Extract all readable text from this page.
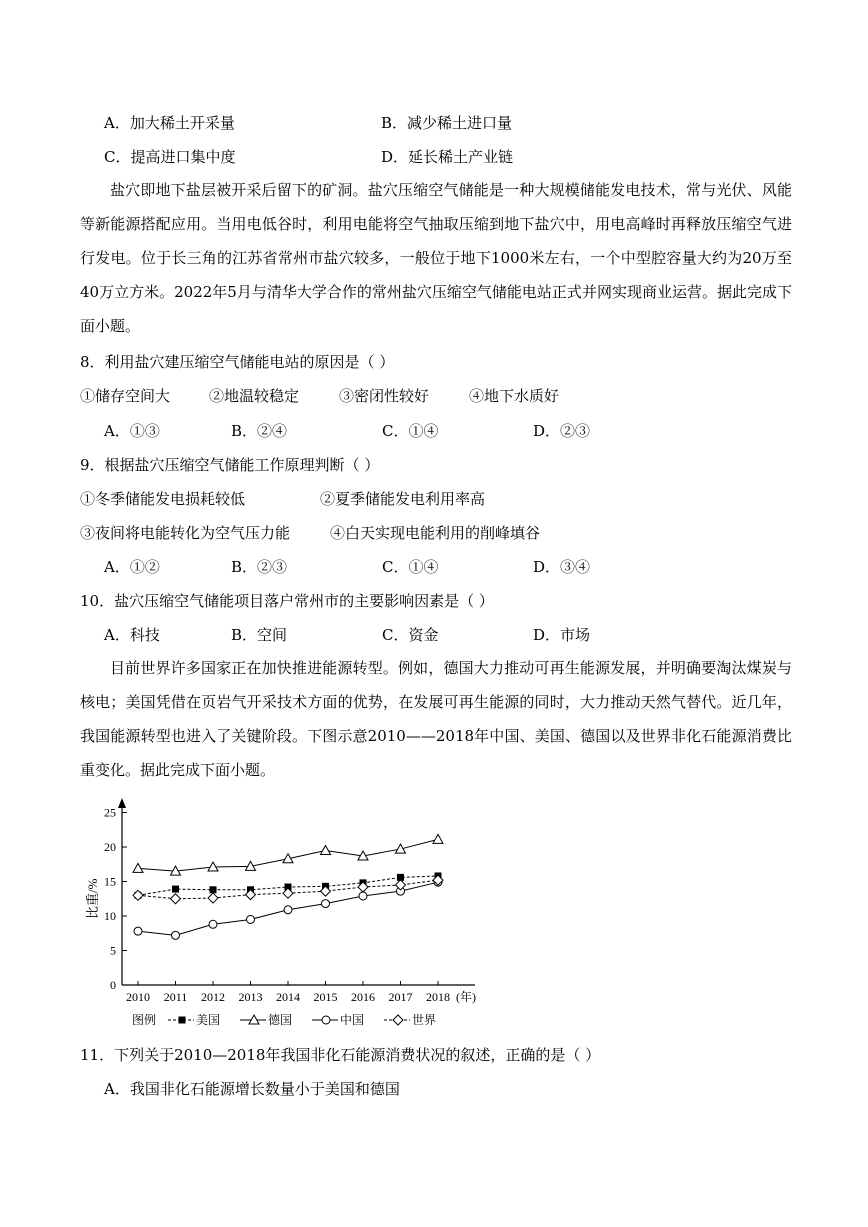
A．加大稀土开采量	B．减少稀土进口量
C．提高进口集中度	D．延长稀土产业链

盐穴即地下盐层被开采后留下的矿洞。盐穴压缩空气储能是一种大规模储能发电技术，常与光伏、风能等新能源搭配应用。当用电低谷时，利用电能将空气抽取压缩到地下盐穴中，用电高峰时再释放压缩空气进行发电。位于长三角的江苏省常州市盐穴较多，一般位于地下1000米左右，一个中型腔容量大约为20万至40万立方米。2022年5月与清华大学合作的常州盐穴压缩空气储能电站正式并网实现商业运营。据此完成下面小题。

8．利用盐穴建压缩空气储能电站的原因是（ ）
①储存空间大	②地温较稳定	③密闭性较好	④地下水质好
A．①③	B．②④	C．①④	D．②③
9．根据盐穴压缩空气储能工作原理判断（ ）
①冬季储能发电损耗较低	②夏季储能发电利用率高
③夜间将电能转化为空气压力能	④白天实现电能利用的削峰填谷
A．①②	B．②③	C．①④	D．③④
10．盐穴压缩空气储能项目落户常州市的主要影响因素是（ ）
A．科技	B．空间	C．资金	D．市场

目前世界许多国家正在加快推进能源转型。例如，德国大力推动可再生能源发展，并明确要淘汰煤炭与核电；美国凭借在页岩气开采技术方面的优势，在发展可再生能源的同时，大力推动天然气替代。近几年，我国能源转型也进入了关键阶段。下图示意2010——2018年中国、美国、德国以及世界非化石能源消费比重变化。据此完成下面小题。

0
5
10
15
20
25
2010 2011 2012 2013 2014 2015 2016 2017 2018 (年)
比重/%
图例	美国	德国	中国	世界
11．下列关于2010—2018年我国非化石能源消费状况的叙述，正确的是（ ）
A．我国非化石能源增长数量小于美国和德国
